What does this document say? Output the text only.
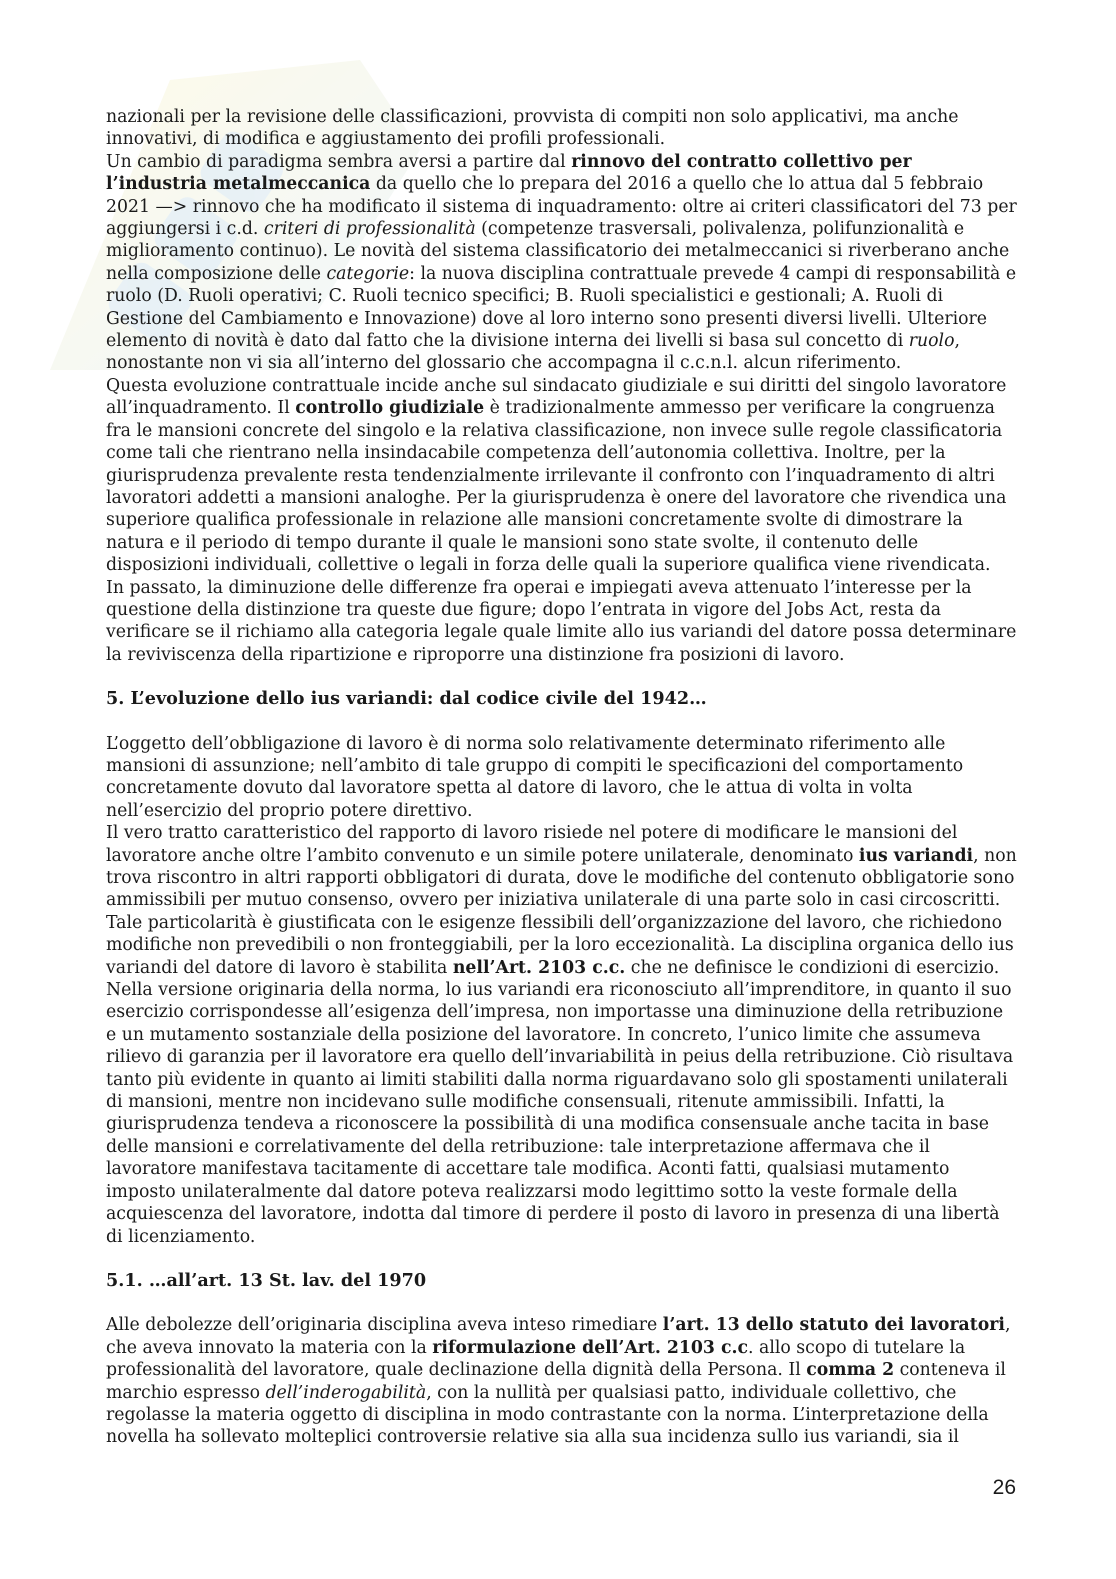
nazionali per la revisione delle classificazioni, provvista di compiti non solo applicativi, ma anche innovativi, di modifica e aggiustamento dei profili professionali.

Un cambio di paradigma sembra aversi a partire dal rinnovo del contratto collettivo per l’industria metalmeccanica da quello che lo prepara del 2016 a quello che lo attua dal 5 febbraio 2021 —> rinnovo che ha modificato il sistema di inquadramento: oltre ai criteri classificatori del 73 per aggiungersi i c.d. criteri di professionalità (competenze trasversali, polivalenza, polifunzionalità e miglioramento continuo). Le novità del sistema classificatorio dei metalmeccanici si riverberano anche nella composizione delle categorie: la nuova disciplina contrattuale prevede 4 campi di responsabilità e ruolo (D. Ruoli operativi; C. Ruoli tecnico specifici; B. Ruoli specialistici e gestionali; A. Ruoli di Gestione del Cambiamento e Innovazione) dove al loro interno sono presenti diversi livelli. Ulteriore elemento di novità è dato dal fatto che la divisione interna dei livelli si basa sul concetto di ruolo, nonostante non vi sia all’interno del glossario che accompagna il c.c.n.l. alcun riferimento.

Questa evoluzione contrattuale incide anche sul sindacato giudiziale e sui diritti del singolo lavoratore all’inquadramento. Il controllo giudiziale è tradizionalmente ammesso per verificare la congruenza fra le mansioni concrete del singolo e la relativa classificazione, non invece sulle regole classificatoria come tali che rientrano nella insindacabile competenza dell’autonomia collettiva. Inoltre, per la giurisprudenza prevalente resta tendenzialmente irrilevante il confronto con l’inquadramento di altri lavoratori addetti a mansioni analoghe. Per la giurisprudenza è onere del lavoratore che rivendica una superiore qualifica professionale in relazione alle mansioni concretamente svolte di dimostrare la natura e il periodo di tempo durante il quale le mansioni sono state svolte, il contenuto delle disposizioni individuali, collettive o legali in forza delle quali la superiore qualifica viene rivendicata.

In passato, la diminuzione delle differenze fra operai e impiegati aveva attenuato l’interesse per la questione della distinzione tra queste due figure; dopo l’entrata in vigore del Jobs Act, resta da verificare se il richiamo alla categoria legale quale limite allo ius variandi del datore possa determinare la reviviscenza della ripartizione e riproporre una distinzione fra posizioni di lavoro.

5. L’evoluzione dello ius variandi: dal codice civile del 1942…

L’oggetto dell’obbligazione di lavoro è di norma solo relativamente determinato riferimento alle mansioni di assunzione; nell’ambito di tale gruppo di compiti le specificazioni del comportamento concretamente dovuto dal lavoratore spetta al datore di lavoro, che le attua di volta in volta nell’esercizio del proprio potere direttivo.

Il vero tratto caratteristico del rapporto di lavoro risiede nel potere di modificare le mansioni del lavoratore anche oltre l’ambito convenuto e un simile potere unilaterale, denominato ius variandi, non trova riscontro in altri rapporti obbligatori di durata, dove le modifiche del contenuto obbligatorie sono ammissibili per mutuo consenso, ovvero per iniziativa unilaterale di una parte solo in casi circoscritti. Tale particolarità è giustificata con le esigenze flessibili dell’organizzazione del lavoro, che richiedono modifiche non prevedibili o non fronteggiabili, per la loro eccezionalità. La disciplina organica dello ius variandi del datore di lavoro è stabilita nell’Art. 2103 c.c. che ne definisce le condizioni di esercizio. Nella versione originaria della norma, lo ius variandi era riconosciuto all’imprenditore, in quanto il suo esercizio corrispondesse all’esigenza dell’impresa, non importasse una diminuzione della retribuzione e un mutamento sostanziale della posizione del lavoratore. In concreto, l’unico limite che assumeva rilievo di garanzia per il lavoratore era quello dell’invariabilità in peius della retribuzione. Ciò risultava tanto più evidente in quanto ai limiti stabiliti dalla norma riguardavano solo gli spostamenti unilaterali di mansioni, mentre non incidevano sulle modifiche consensuali, ritenute ammissibili. Infatti, la giurisprudenza tendeva a riconoscere la possibilità di una modifica consensuale anche tacita in base delle mansioni e correlativamente del della retribuzione: tale interpretazione affermava che il lavoratore manifestava tacitamente di accettare tale modifica. Aconti fatti, qualsiasi mutamento imposto unilateralmente dal datore poteva realizzarsi modo legittimo sotto la veste formale della acquiescenza del lavoratore, indotta dal timore di perdere il posto di lavoro in presenza di una libertà di licenziamento.

5.1. …all’art. 13 St. lav. del 1970

Alle debolezze dell’originaria disciplina aveva inteso rimediare l’art. 13 dello statuto dei lavoratori, che aveva innovato la materia con la riformulazione dell’Art. 2103 c.c. allo scopo di tutelare la professionalità del lavoratore, quale declinazione della dignità della Persona. Il comma 2 conteneva il marchio espresso dell’inderogabilità, con la nullità per qualsiasi patto, individuale collettivo, che regolasse la materia oggetto di disciplina in modo contrastante con la norma. L’interpretazione della novella ha sollevato molteplici controversie relative sia alla sua incidenza sullo ius variandi, sia il

26
